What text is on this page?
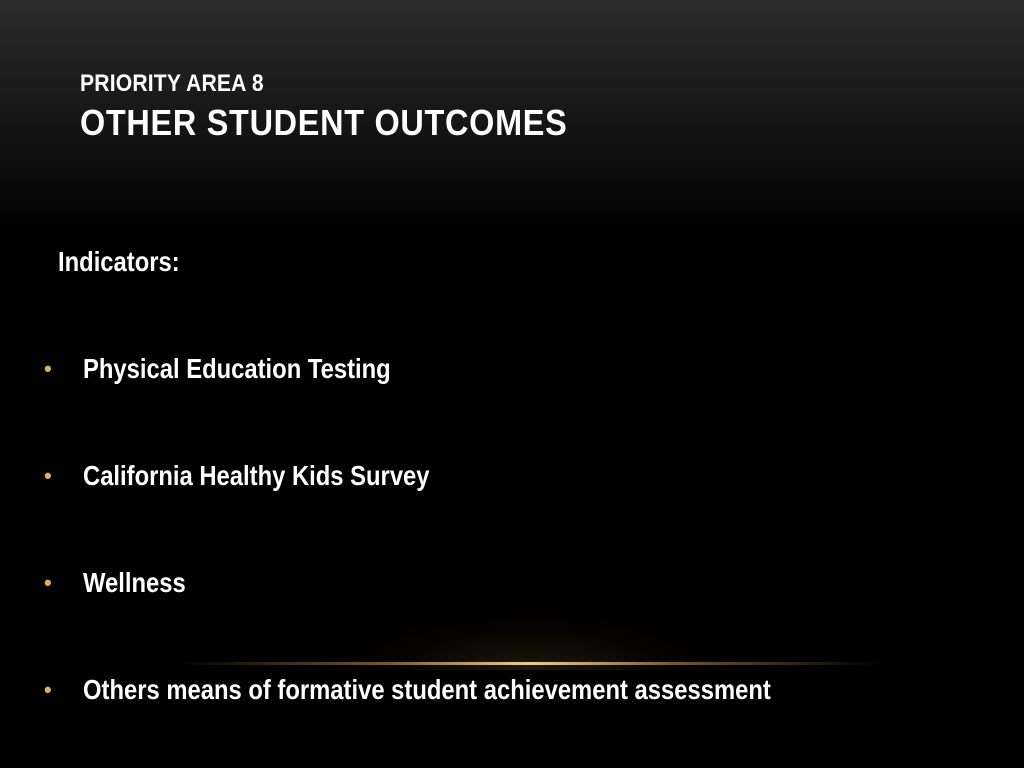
PRIORITY AREA 8
OTHER STUDENT OUTCOMES
Indicators:
•	Physical Education Testing
•	California Healthy Kids Survey
•	Wellness
•	Others means of formative student achievement assessment
